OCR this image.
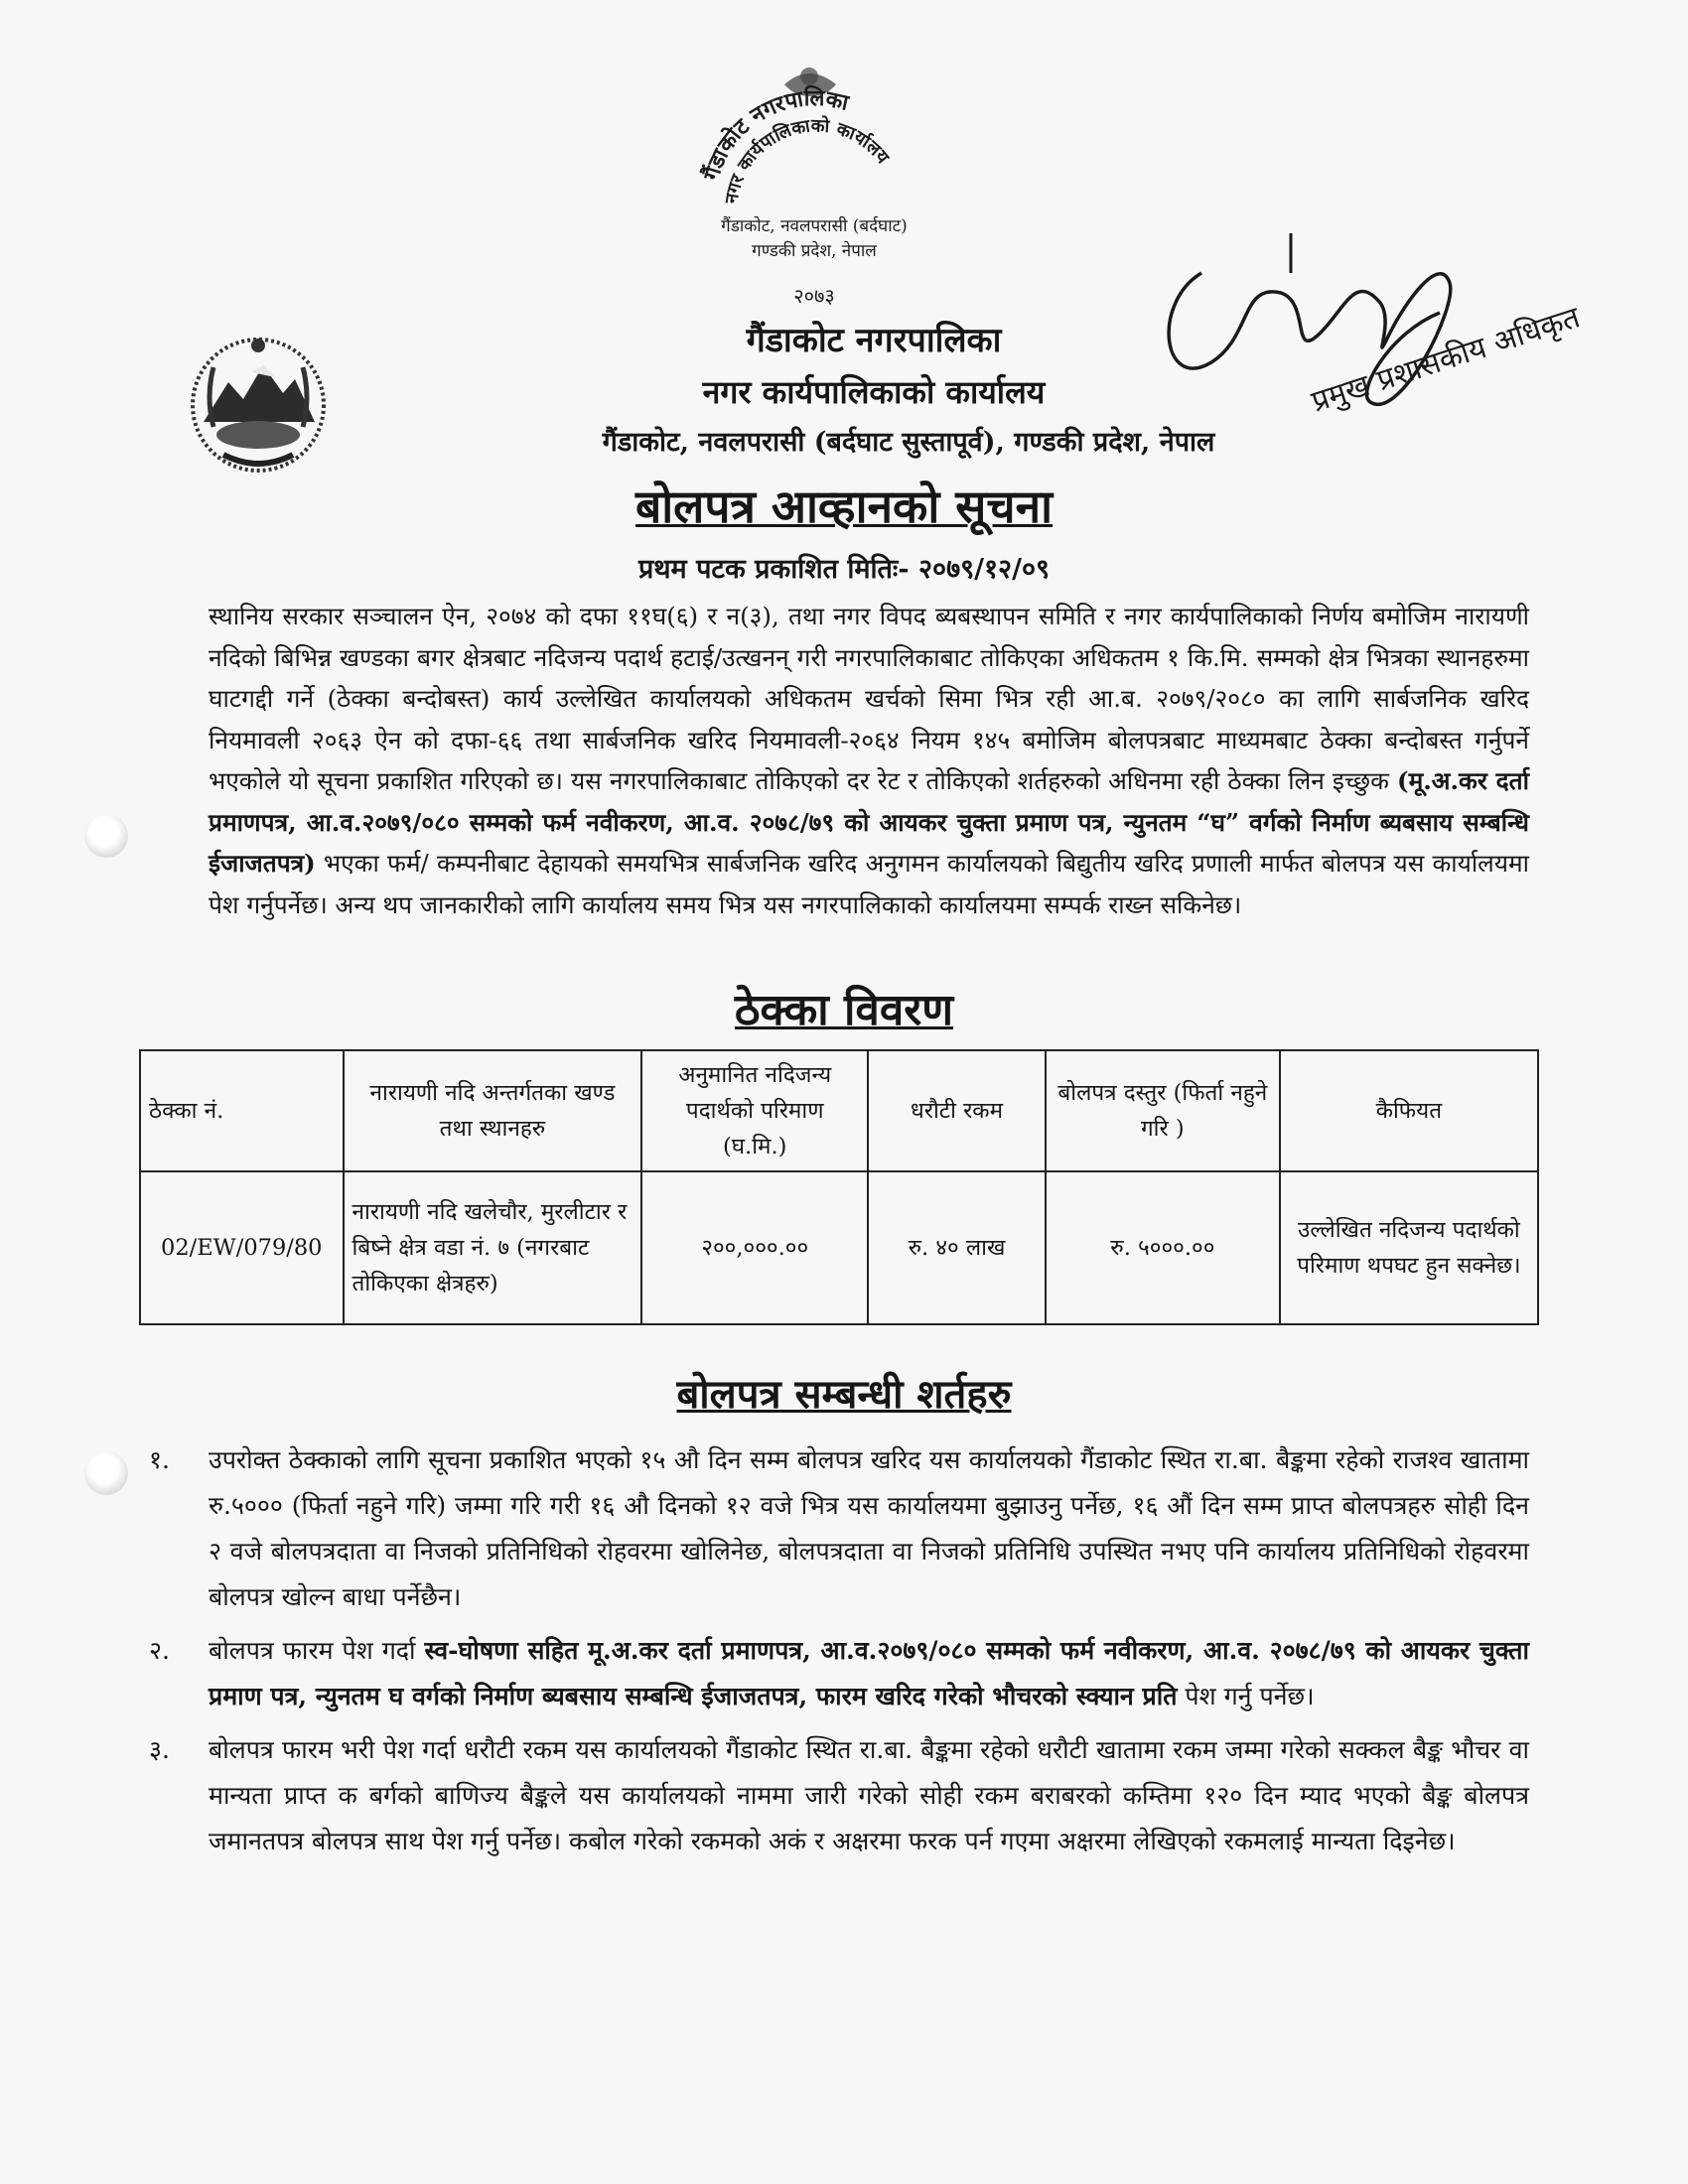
गैंडाकोट नगरपालिका
नगर कार्यपालिकाको कार्यालय
गैंडाकोट, नवलपरासी (बर्दघाट)
गण्डकी प्रदेश, नेपाल
२०७३
प्रमुख प्रशासकीय अधिकृत
गैंडाकोट नगरपालिका
नगर कार्यपालिकाको कार्यालय
गैंडाकोट, नवलपरासी (बर्दघाट सुस्तापूर्व), गण्डकी प्रदेश, नेपाल
बोलपत्र आव्हानको सूचना
प्रथम पटक प्रकाशित मितिः- २०७९/१२/०९
स्थानिय सरकार सञ्चालन ऐन, २०७४ को दफा ११घ(६) र न(३), तथा नगर विपद ब्यबस्थापन समिति र नगर कार्यपालिकाको निर्णय बमोजिम नारायणी नदिको बिभिन्न खण्डका बगर क्षेत्रबाट नदिजन्य पदार्थ हटाई/उत्खनन् गरी नगरपालिकाबाट तोकिएका अधिकतम १ कि.मि. सम्मको क्षेत्र भित्रका स्थानहरुमा घाटगद्दी गर्ने (ठेक्का बन्दोबस्त) कार्य उल्लेखित कार्यालयको अधिकतम खर्चको सिमा भित्र रही आ.ब. २०७९/२०८० का लागि सार्बजनिक खरिद नियमावली २०६३ ऐन को दफा-६६ तथा सार्बजनिक खरिद नियमावली-२०६४ नियम १४५ बमोजिम बोलपत्रबाट माध्यमबाट ठेक्का बन्दोबस्त गर्नुपर्ने भएकोले यो सूचना प्रकाशित गरिएको छ। यस नगरपालिकाबाट तोकिएको दर रेट र तोकिएको शर्तहरुको अधिनमा रही ठेक्का लिन इच्छुक (मू.अ.कर दर्ता प्रमाणपत्र, आ.व.२०७९/०८० सम्मको फर्म नवीकरण, आ.व. २०७८/७९ को आयकर चुक्ता प्रमाण पत्र, न्युनतम “घ” वर्गको निर्माण ब्यबसाय सम्बन्धि ईजाजतपत्र) भएका फर्म/ कम्पनीबाट देहायको समयभित्र सार्बजनिक खरिद अनुगमन कार्यालयको बिद्युतीय खरिद प्रणाली मार्फत बोलपत्र यस कार्यालयमा पेश गर्नुपर्नेछ। अन्य थप जानकारीको लागि कार्यालय समय भित्र यस नगरपालिकाको कार्यालयमा सम्पर्क राख्न सकिनेछ।
ठेक्का विवरण
ठेक्का नं.	नारायणी नदि अन्तर्गतका खण्ड तथा स्थानहरु	अनुमानित नदिजन्य पदार्थको परिमाण (घ.मि.)	धरौटी रकम	बोलपत्र दस्तुर (फिर्ता नहुने गरि )	कैफियत
02/EW/079/80	नारायणी नदि खलेचौर, मुरलीटार र बिष्ने क्षेत्र वडा नं. ७ (नगरबाट तोकिएका क्षेत्रहरु)	२००,०००.००	रु. ४० लाख	रु. ५०००.००	उल्लेखित नदिजन्य पदार्थको परिमाण थपघट हुन सक्नेछ।
बोलपत्र सम्बन्धी शर्तहरु
१.	उपरोक्त ठेक्काको लागि सूचना प्रकाशित भएको १५ औ दिन सम्म बोलपत्र खरिद यस कार्यालयको गैंडाकोट स्थित रा.बा. बैङ्कमा रहेको राजश्व खातामा रु.५००० (फिर्ता नहुने गरि) जम्मा गरि गरी १६ औ दिनको १२ वजे भित्र यस कार्यालयमा बुझाउनु पर्नेछ, १६ औं दिन सम्म प्राप्त बोलपत्रहरु सोही दिन २ वजे बोलपत्रदाता वा निजको प्रतिनिधिको रोहवरमा खोलिनेछ, बोलपत्रदाता वा निजको प्रतिनिधि उपस्थित नभए पनि कार्यालय प्रतिनिधिको रोहवरमा बोलपत्र खोल्न बाधा पर्नेछैन।
२.	बोलपत्र फारम पेश गर्दा स्व-घोषणा सहित मू.अ.कर दर्ता प्रमाणपत्र, आ.व.२०७९/०८० सम्मको फर्म नवीकरण, आ.व. २०७८/७९ को आयकर चुक्ता प्रमाण पत्र, न्युनतम घ वर्गको निर्माण ब्यबसाय सम्बन्धि ईजाजतपत्र, फारम खरिद गरेको भौचरको स्क्यान प्रति पेश गर्नु पर्नेछ।
३.	बोलपत्र फारम भरी पेश गर्दा धरौटी रकम यस कार्यालयको गैंडाकोट स्थित रा.बा. बैङ्कमा रहेको धरौटी खातामा रकम जम्मा गरेको सक्कल बैङ्क भौचर वा मान्यता प्राप्त क बर्गको बाणिज्य बैङ्कले यस कार्यालयको नाममा जारी गरेको सोही रकम बराबरको कम्तिमा १२० दिन म्याद भएको बैङ्क बोलपत्र जमानतपत्र बोलपत्र साथ पेश गर्नु पर्नेछ। कबोल गरेको रकमको अकं र अक्षरमा फरक पर्न गएमा अक्षरमा लेखिएको रकमलाई मान्यता दिइनेछ।
